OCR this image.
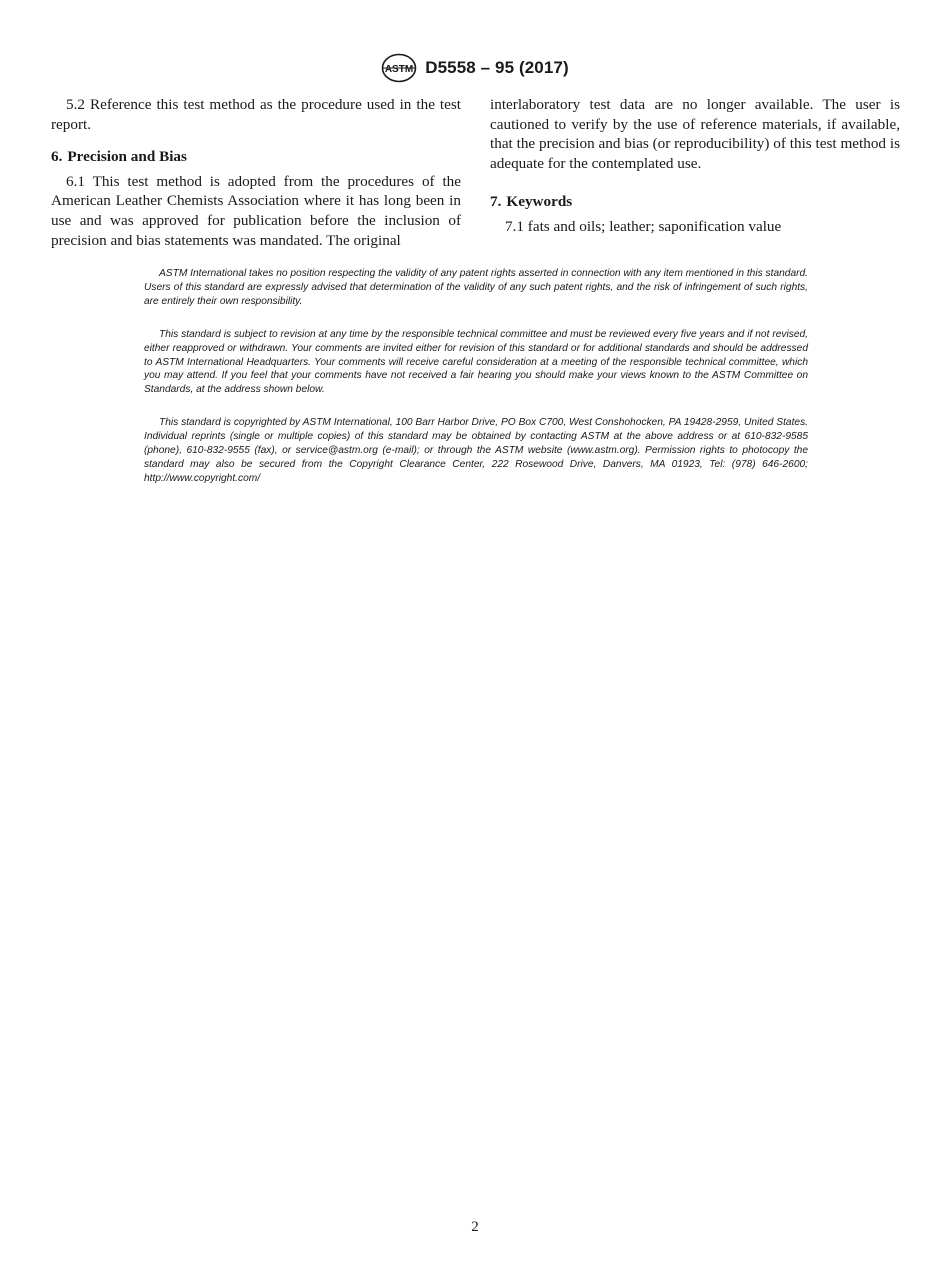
ASTM D5558 – 95 (2017)

5.2 Reference this test method as the procedure used in the test report.

6. Precision and Bias

6.1 This test method is adopted from the procedures of the American Leather Chemists Association where it has long been in use and was approved for publication before the inclusion of precision and bias statements was mandated. The original

interlaboratory test data are no longer available. The user is cautioned to verify by the use of reference materials, if available, that the precision and bias (or reproducibility) of this test method is adequate for the contemplated use.

7. Keywords

7.1 fats and oils; leather; saponification value

ASTM International takes no position respecting the validity of any patent rights asserted in connection with any item mentioned in this standard. Users of this standard are expressly advised that determination of the validity of any such patent rights, and the risk of infringement of such rights, are entirely their own responsibility.

This standard is subject to revision at any time by the responsible technical committee and must be reviewed every five years and if not revised, either reapproved or withdrawn. Your comments are invited either for revision of this standard or for additional standards and should be addressed to ASTM International Headquarters. Your comments will receive careful consideration at a meeting of the responsible technical committee, which you may attend. If you feel that your comments have not received a fair hearing you should make your views known to the ASTM Committee on Standards, at the address shown below.

This standard is copyrighted by ASTM International, 100 Barr Harbor Drive, PO Box C700, West Conshohocken, PA 19428-2959, United States. Individual reprints (single or multiple copies) of this standard may be obtained by contacting ASTM at the above address or at 610-832-9585 (phone), 610-832-9555 (fax), or service@astm.org (e-mail); or through the ASTM website (www.astm.org). Permission rights to photocopy the standard may also be secured from the Copyright Clearance Center, 222 Rosewood Drive, Danvers, MA 01923, Tel: (978) 646-2600; http://www.copyright.com/

2
